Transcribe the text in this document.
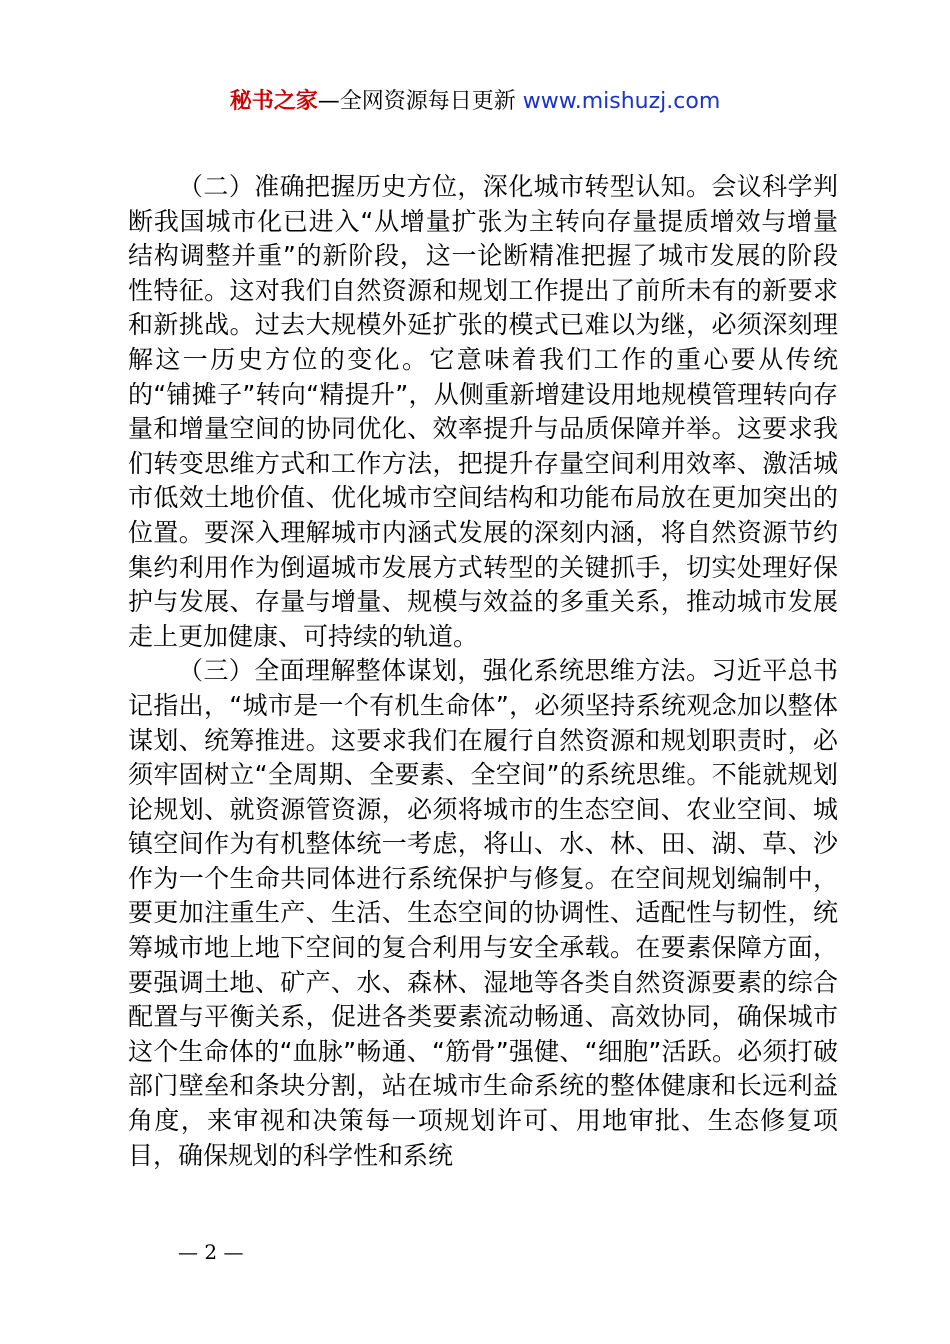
秘书之家—全网资源每日更新 www.mishuzj.com

（二）准确把握历史方位，深化城市转型认知。会议科学判断我国城市化已进入“从增量扩张为主转向存量提质增效与增量结构调整并重”的新阶段，这一论断精准把握了城市发展的阶段性特征。这对我们自然资源和规划工作提出了前所未有的新要求和新挑战。过去大规模外延扩张的模式已难以为继，必须深刻理解这一历史方位的变化。它意味着我们工作的重心要从传统的“铺摊子”转向“精提升”，从侧重新增建设用地规模管理转向存量和增量空间的协同优化、效率提升与品质保障并举。这要求我们转变思维方式和工作方法，把提升存量空间利用效率、激活城市低效土地价值、优化城市空间结构和功能布局放在更加突出的位置。要深入理解城市内涵式发展的深刻内涵，将自然资源节约集约利用作为倒逼城市发展方式转型的关键抓手，切实处理好保护与发展、存量与增量、规模与效益的多重关系，推动城市发展走上更加健康、可持续的轨道。

（三）全面理解整体谋划，强化系统思维方法。习近平总书记指出，“城市是一个有机生命体”，必须坚持系统观念加以整体谋划、统筹推进。这要求我们在履行自然资源和规划职责时，必须牢固树立“全周期、全要素、全空间”的系统思维。不能就规划论规划、就资源管资源，必须将城市的生态空间、农业空间、城镇空间作为有机整体统一考虑，将山、水、林、田、湖、草、沙作为一个生命共同体进行系统保护与修复。在空间规划编制中，要更加注重生产、生活、生态空间的协调性、适配性与韧性，统筹城市地上地下空间的复合利用与安全承载。在要素保障方面，要强调土地、矿产、水、森林、湿地等各类自然资源要素的综合配置与平衡关系，促进各类要素流动畅通、高效协同，确保城市这个生命体的“血脉”畅通、“筋骨”强健、“细胞”活跃。必须打破部门壁垒和条块分割，站在城市生命系统的整体健康和长远利益角度，来审视和决策每一项规划许可、用地审批、生态修复项目，确保规划的科学性和系统

— 2 —
